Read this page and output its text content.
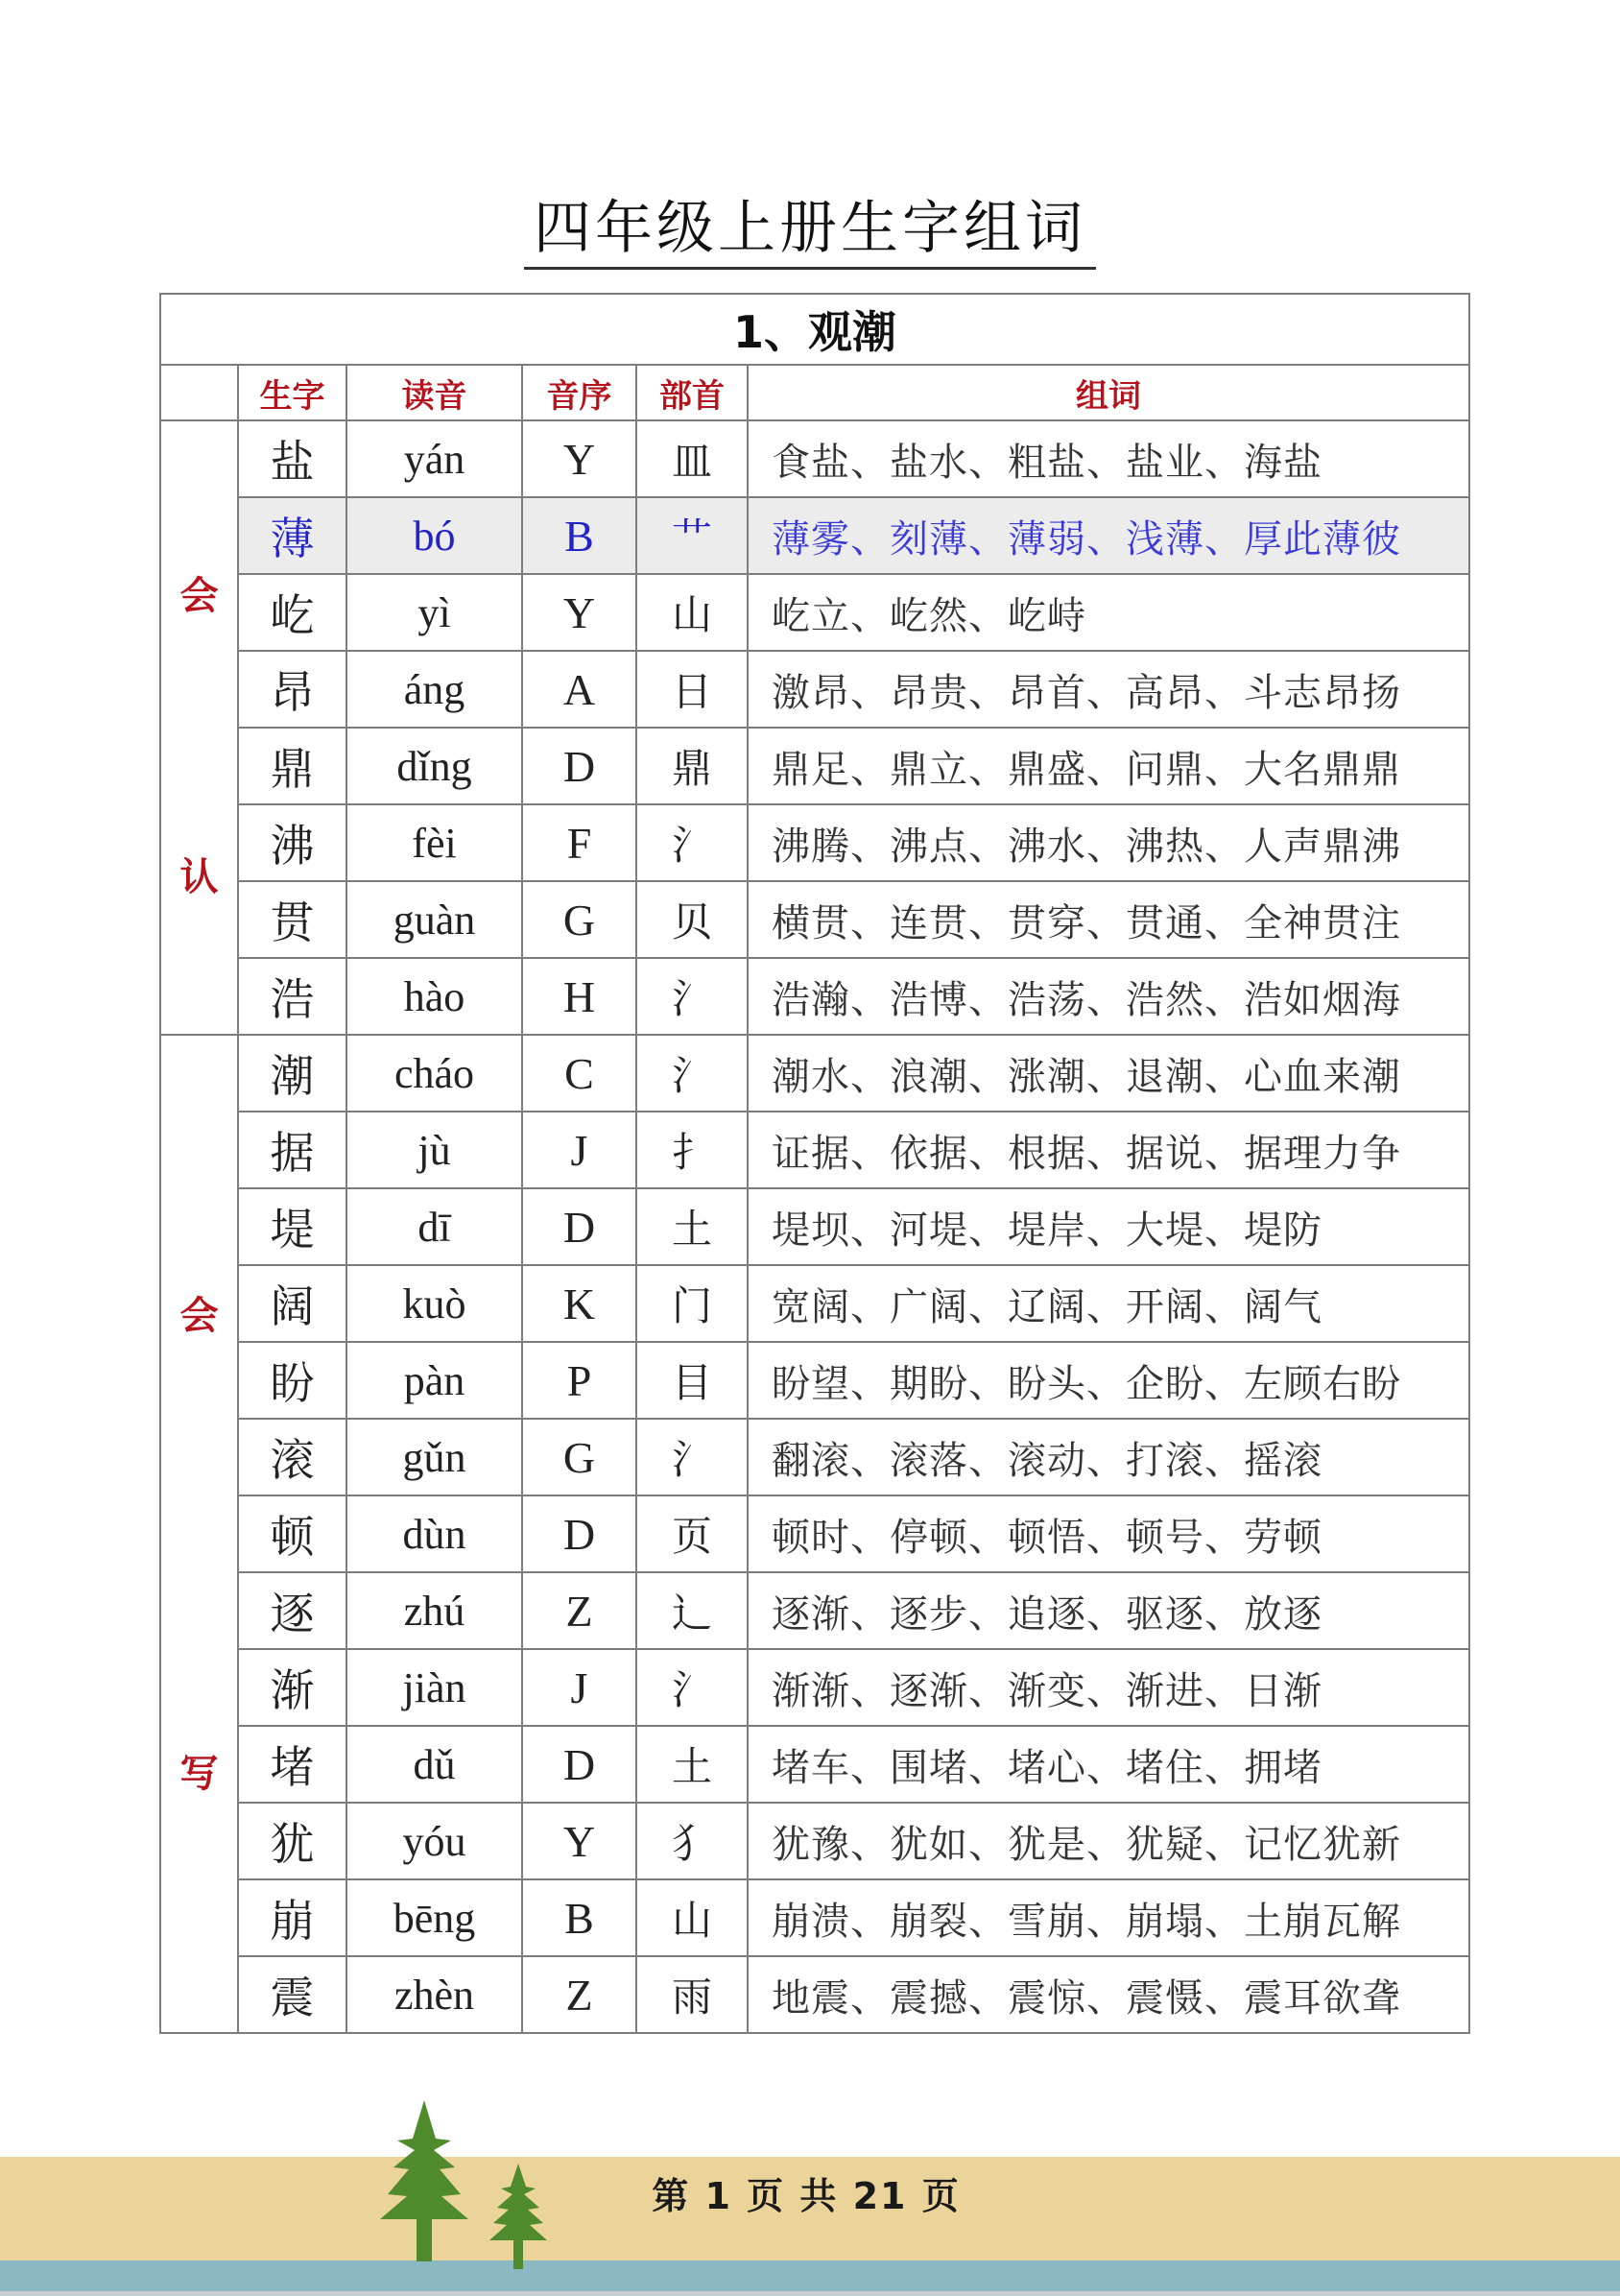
四年级上册生字组词
1、观潮					
	生字	读音	音序	部首	组词

会
认	盐	yán	Y	皿	食盐、盐水、粗盐、盐业、海盐
	薄	bó	B	艹	薄雾、刻薄、薄弱、浅薄、厚此薄彼
	屹	yì	Y	山	屹立、屹然、屹峙
	昂	áng	A	日	激昂、昂贵、昂首、高昂、斗志昂扬
	鼎	dǐng	D	鼎	鼎足、鼎立、鼎盛、问鼎、大名鼎鼎
	沸	fèi	F	氵	沸腾、沸点、沸水、沸热、人声鼎沸
	贯	guàn	G	贝	横贯、连贯、贯穿、贯通、全神贯注
	浩	hào	H	氵	浩瀚、浩博、浩荡、浩然、浩如烟海

会
写	潮	cháo	C	氵	潮水、浪潮、涨潮、退潮、心血来潮
	据	jù	J	扌	证据、依据、根据、据说、据理力争
	堤	dī	D	土	堤坝、河堤、堤岸、大堤、堤防
	阔	kuò	K	门	宽阔、广阔、辽阔、开阔、阔气
	盼	pàn	P	目	盼望、期盼、盼头、企盼、左顾右盼
	滚	gǔn	G	氵	翻滚、滚落、滚动、打滚、摇滚
	顿	dùn	D	页	顿时、停顿、顿悟、顿号、劳顿
	逐	zhú	Z	辶	逐渐、逐步、追逐、驱逐、放逐
	渐	jiàn	J	氵	渐渐、逐渐、渐变、渐进、日渐
	堵	dǔ	D	土	堵车、围堵、堵心、堵住、拥堵
	犹	yóu	Y	犭	犹豫、犹如、犹是、犹疑、记忆犹新
	崩	bēng	B	山	崩溃、崩裂、雪崩、崩塌、土崩瓦解
	震	zhèn	Z	雨	地震、震撼、震惊、震慑、震耳欲聋
第 1 页 共 21 页
